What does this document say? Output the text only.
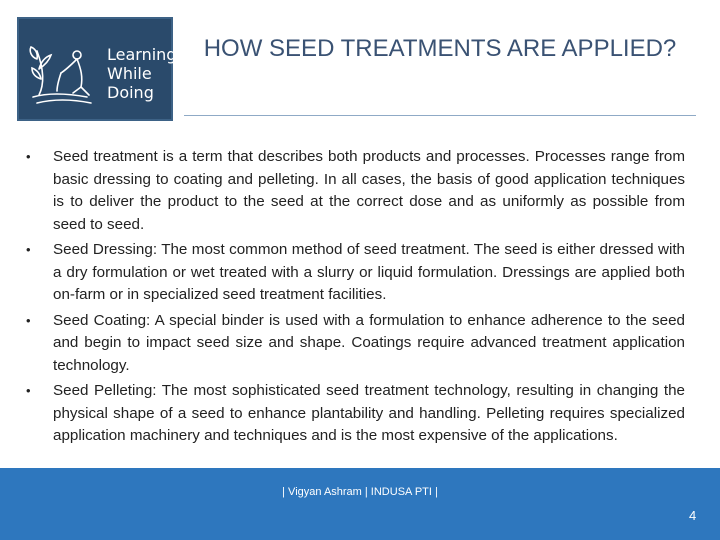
Learning
While
Doing
HOW SEED TREATMENTS ARE APPLIED?
• Seed treatment is a term that describes both products and processes. Processes range from basic dressing to coating and pelleting. In all cases, the basis of good application techniques is to deliver the product to the seed at the correct dose and as uniformly as possible from seed to seed.
• Seed Dressing: The most common method of seed treatment. The seed is either dressed with a dry formulation or wet treated with a slurry or liquid formulation. Dressings are applied both on-farm or in specialized seed treatment facilities.
• Seed Coating: A special binder is used with a formulation to enhance adherence to the seed and begin to impact seed size and shape. Coatings require advanced treatment application technology.
• Seed Pelleting: The most sophisticated seed treatment technology, resulting in changing the physical shape of a seed to enhance plantability and handling. Pelleting requires specialized application machinery and techniques and is the most expensive of the applications.
| Vigyan Ashram | INDUSA PTI |
4
